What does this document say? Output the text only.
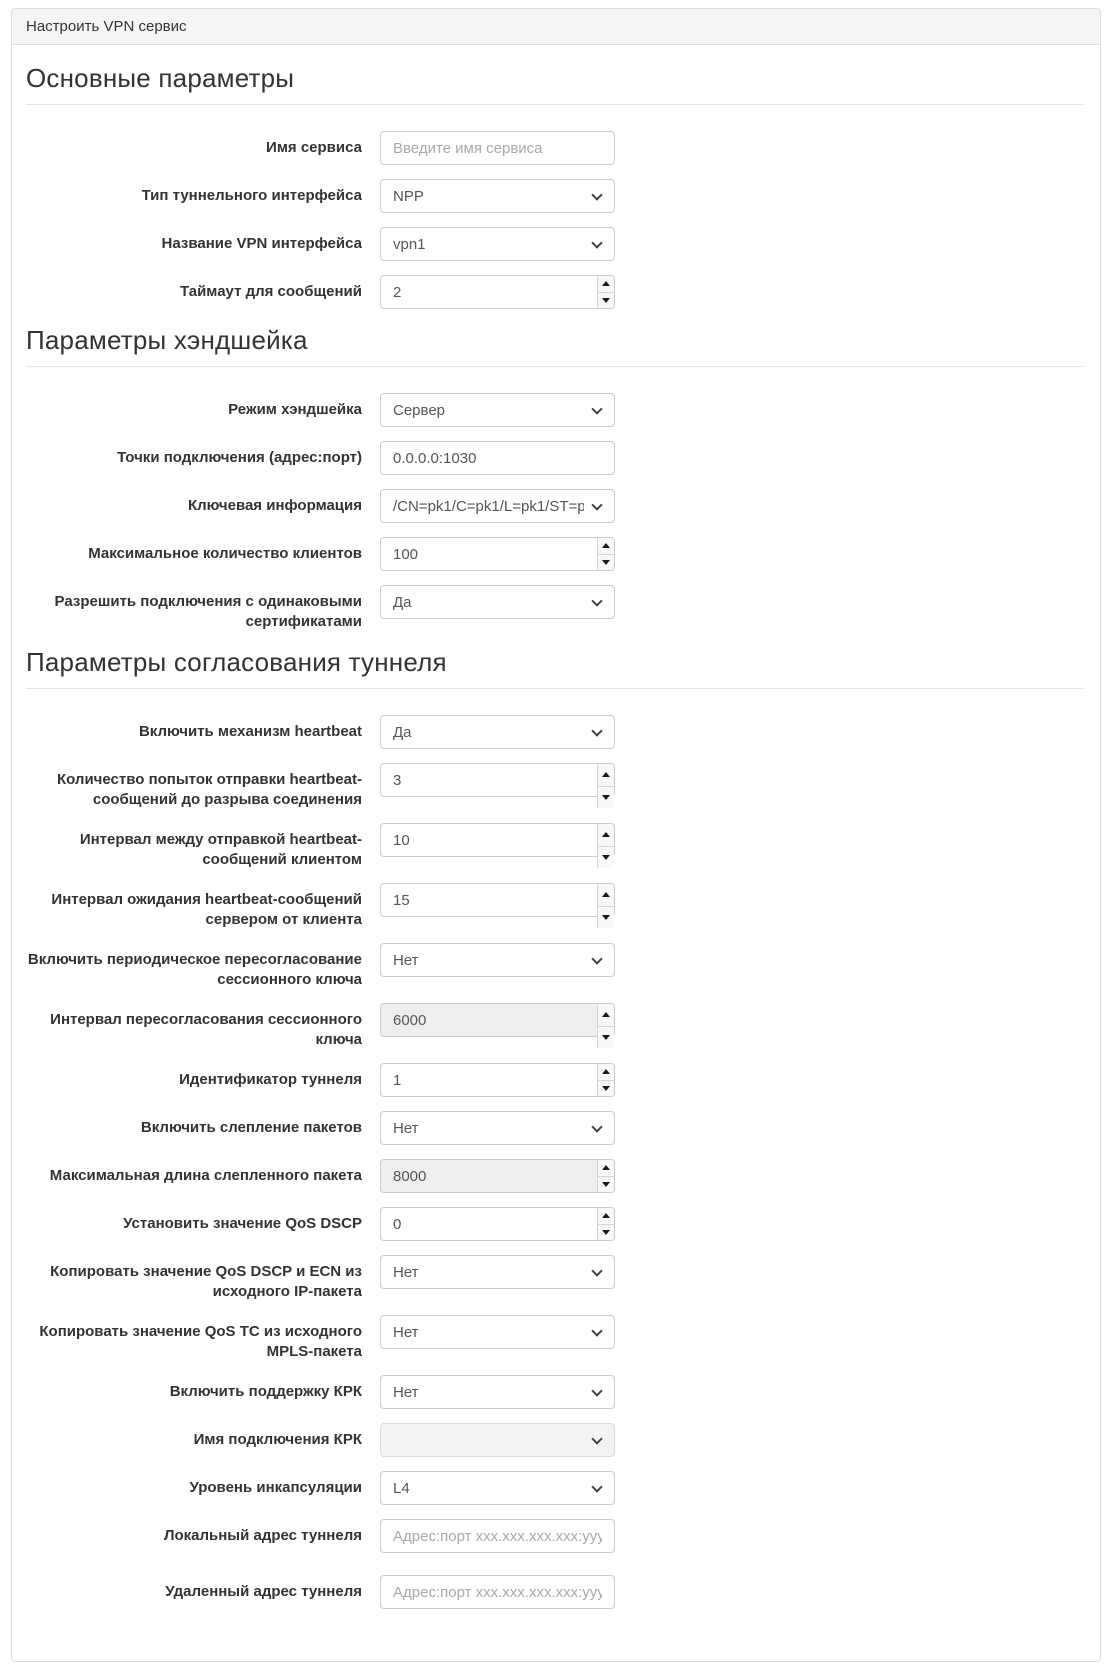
Настроить VPN сервис
Основные параметры
Имя сервиса
Введите имя сервиса
Тип туннельного интерфейса
NPP
Название VPN интерфейса
vpn1
Таймаут для сообщений
2
Параметры хэндшейка
Режим хэндшейка
Сервер
Точки подключения (адрес:порт)
0.0.0.0:1030
Ключевая информация
/CN=pk1/C=pk1/L=pk1/ST=pk1/O
Максимальное количество клиентов
100
Разрешить подключения с одинаковыми сертификатами
Да
Параметры согласования туннеля
Включить механизм heartbeat
Да
Количество попыток отправки heartbeat-сообщений до разрыва соединения
3
Интервал между отправкой heartbeat-сообщений клиентом
10
Интервал ожидания heartbeat-сообщений сервером от клиента
15
Включить периодическое пересогласование сессионного ключа
Нет
Интервал пересогласования сессионного ключа
6000
Идентификатор туннеля
1
Включить слепление пакетов
Нет
Максимальная длина слепленного пакета
8000
Установить значение QoS DSCP
0
Копировать значение QoS DSCP и ECN из исходного IP-пакета
Нет
Копировать значение QoS TC из исходного MPLS-пакета
Нет
Включить поддержку КРК
Нет
Имя подключения КРК
Уровень инкапсуляции
L4
Локальный адрес туннеля
Адрес:порт xxx.xxx.xxx.xxx:yyyyy
Удаленный адрес туннеля
Адрес:порт xxx.xxx.xxx.xxx:yyyyy
